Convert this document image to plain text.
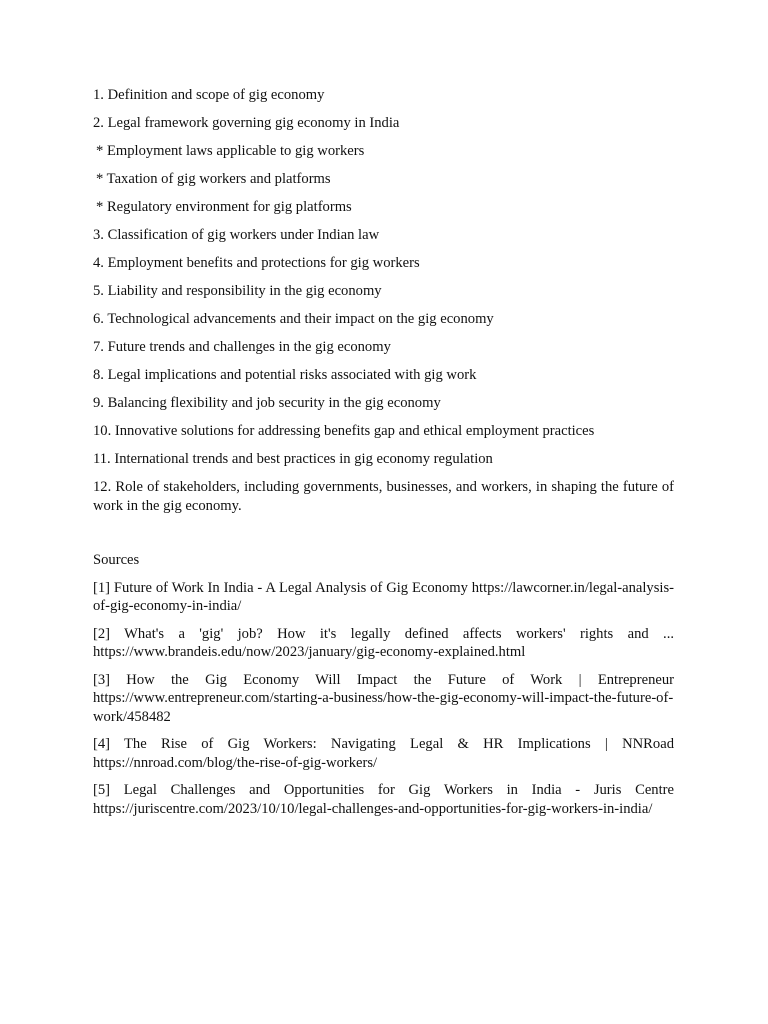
1. Definition and scope of gig economy

2. Legal framework governing gig economy in India

* Employment laws applicable to gig workers

* Taxation of gig workers and platforms

* Regulatory environment for gig platforms

3. Classification of gig workers under Indian law

4. Employment benefits and protections for gig workers

5. Liability and responsibility in the gig economy

6. Technological advancements and their impact on the gig economy

7. Future trends and challenges in the gig economy

8. Legal implications and potential risks associated with gig work

9. Balancing flexibility and job security in the gig economy

10. Innovative solutions for addressing benefits gap and ethical employment practices

11. International trends and best practices in gig economy regulation

12. Role of stakeholders, including governments, businesses, and workers, in shaping the future of work in the gig economy.

Sources

[1] Future of Work In India - A Legal Analysis of Gig Economy https://lawcorner.in/legal-analysis-of-gig-economy-in-india/

[2] What's a 'gig' job? How it's legally defined affects workers' rights and ... https://www.brandeis.edu/now/2023/january/gig-economy-explained.html

[3] How the Gig Economy Will Impact the Future of Work | Entrepreneur https://www.entrepreneur.com/starting-a-business/how-the-gig-economy-will-impact-the-future-of-work/458482

[4] The Rise of Gig Workers: Navigating Legal & HR Implications | NNRoad https://nnroad.com/blog/the-rise-of-gig-workers/

[5] Legal Challenges and Opportunities for Gig Workers in India - Juris Centre https://juriscentre.com/2023/10/10/legal-challenges-and-opportunities-for-gig-workers-in-india/
